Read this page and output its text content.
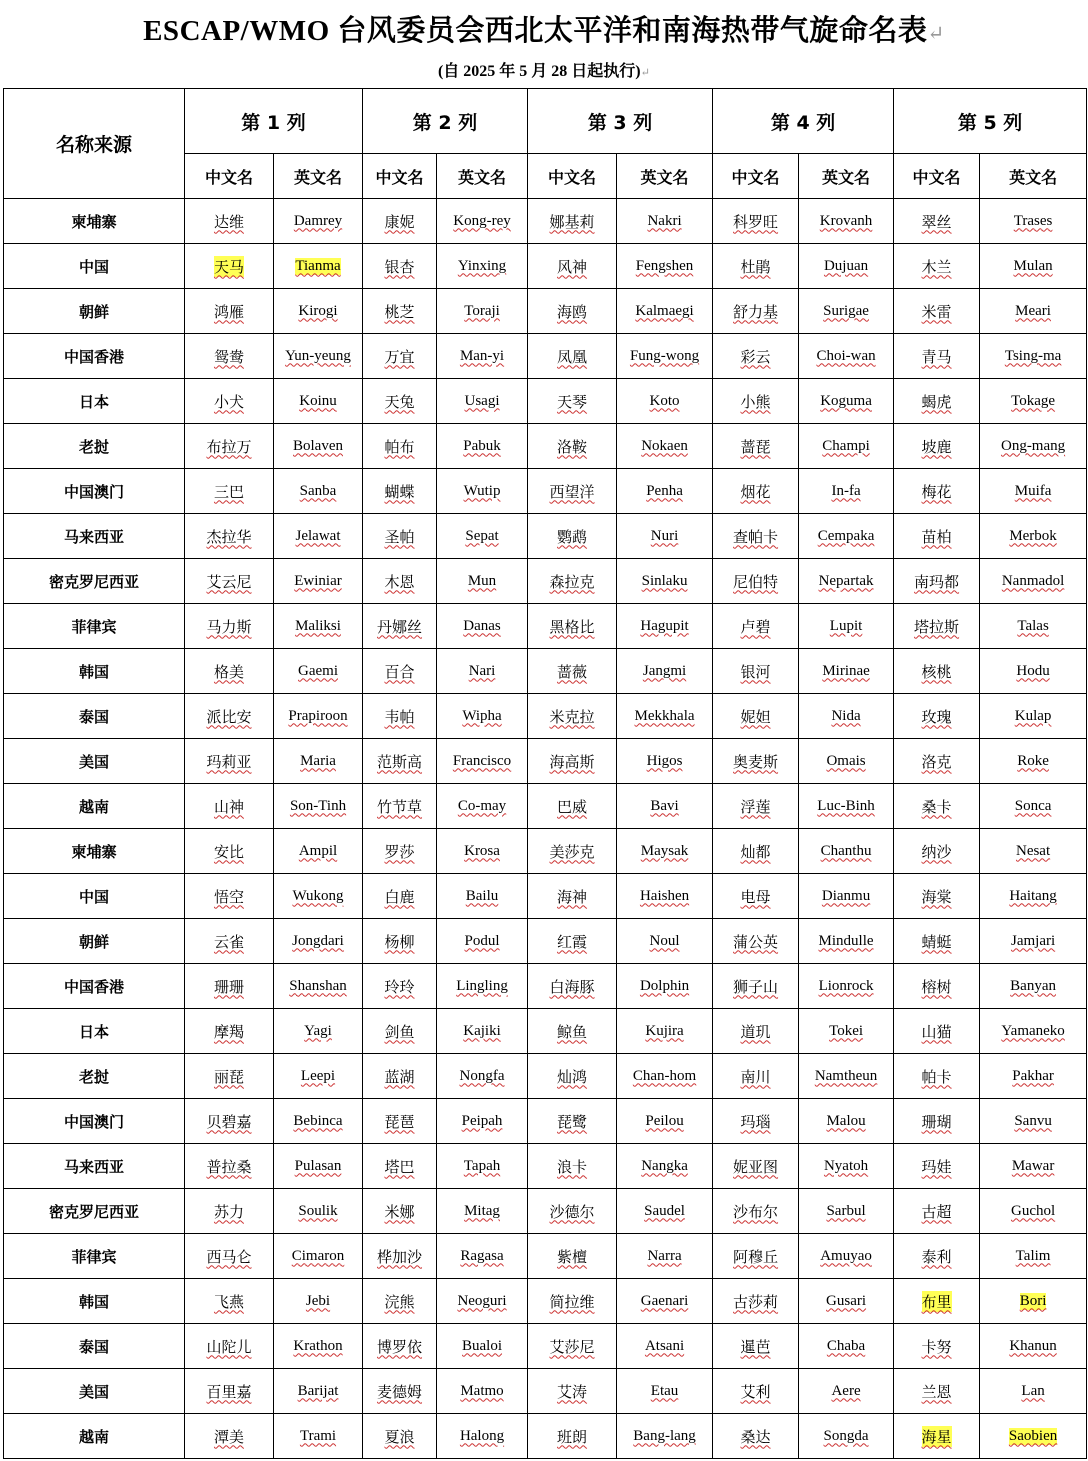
ESCAP/WMO 台风委员会西北太平洋和南海热带气旋命名表↵
(自 2025 年 5 月 28 日起执行)↵
名称来源	第 1 列		第 2 列		第 3 列		第 4 列		第 5 列	
	中文名	英文名	中文名	英文名	中文名	英文名	中文名	英文名	中文名	英文名
柬埔寨	达维	Damrey	康妮	Kong-rey	娜基莉	Nakri	科罗旺	Krovanh	翠丝	Trases
中国	天马	Tianma	银杏	Yinxing	风神	Fengshen	杜鹃	Dujuan	木兰	Mulan
朝鲜	鸿雁	Kirogi	桃芝	Toraji	海鸥	Kalmaegi	舒力基	Surigae	米雷	Meari
中国香港	鸳鸯	Yun-yeung	万宜	Man-yi	凤凰	Fung-wong	彩云	Choi-wan	青马	Tsing-ma
日本	小犬	Koinu	天兔	Usagi	天琴	Koto	小熊	Koguma	蝎虎	Tokage
老挝	布拉万	Bolaven	帕布	Pabuk	洛鞍	Nokaen	蔷琵	Champi	坡鹿	Ong-mang
中国澳门	三巴	Sanba	蝴蝶	Wutip	西望洋	Penha	烟花	In-fa	梅花	Muifa
马来西亚	杰拉华	Jelawat	圣帕	Sepat	鹦鹉	Nuri	查帕卡	Cempaka	苗柏	Merbok
密克罗尼西亚	艾云尼	Ewiniar	木恩	Mun	森拉克	Sinlaku	尼伯特	Nepartak	南玛都	Nanmadol
菲律宾	马力斯	Maliksi	丹娜丝	Danas	黑格比	Hagupit	卢碧	Lupit	塔拉斯	Talas
韩国	格美	Gaemi	百合	Nari	蔷薇	Jangmi	银河	Mirinae	核桃	Hodu
泰国	派比安	Prapiroon	韦帕	Wipha	米克拉	Mekkhala	妮妲	Nida	玫瑰	Kulap
美国	玛莉亚	Maria	范斯高	Francisco	海高斯	Higos	奥麦斯	Omais	洛克	Roke
越南	山神	Son-Tinh	竹节草	Co-may	巴威	Bavi	浮莲	Luc-Binh	桑卡	Sonca
柬埔寨	安比	Ampil	罗莎	Krosa	美莎克	Maysak	灿都	Chanthu	纳沙	Nesat
中国	悟空	Wukong	白鹿	Bailu	海神	Haishen	电母	Dianmu	海棠	Haitang
朝鲜	云雀	Jongdari	杨柳	Podul	红霞	Noul	蒲公英	Mindulle	蜻蜓	Jamjari
中国香港	珊珊	Shanshan	玲玲	Lingling	白海豚	Dolphin	狮子山	Lionrock	榕树	Banyan
日本	摩羯	Yagi	剑鱼	Kajiki	鲸鱼	Kujira	道玑	Tokei	山猫	Yamaneko
老挝	丽琵	Leepi	蓝湖	Nongfa	灿鸿	Chan-hom	南川	Namtheun	帕卡	Pakhar
中国澳门	贝碧嘉	Bebinca	琵琶	Peipah	琵鹭	Peilou	玛瑙	Malou	珊瑚	Sanvu
马来西亚	普拉桑	Pulasan	塔巴	Tapah	浪卡	Nangka	妮亚图	Nyatoh	玛娃	Mawar
密克罗尼西亚	苏力	Soulik	米娜	Mitag	沙德尔	Saudel	沙布尔	Sarbul	古超	Guchol
菲律宾	西马仑	Cimaron	桦加沙	Ragasa	紫檀	Narra	阿穆丘	Amuyao	泰利	Talim
韩国	飞燕	Jebi	浣熊	Neoguri	简拉维	Gaenari	古莎莉	Gusari	布里	Bori
泰国	山陀儿	Krathon	博罗依	Bualoi	艾莎尼	Atsani	暹芭	Chaba	卡努	Khanun
美国	百里嘉	Barijat	麦德姆	Matmo	艾涛	Etau	艾利	Aere	兰恩	Lan
越南	潭美	Trami	夏浪	Halong	班朗	Bang-lang	桑达	Songda	海星	Saobien
